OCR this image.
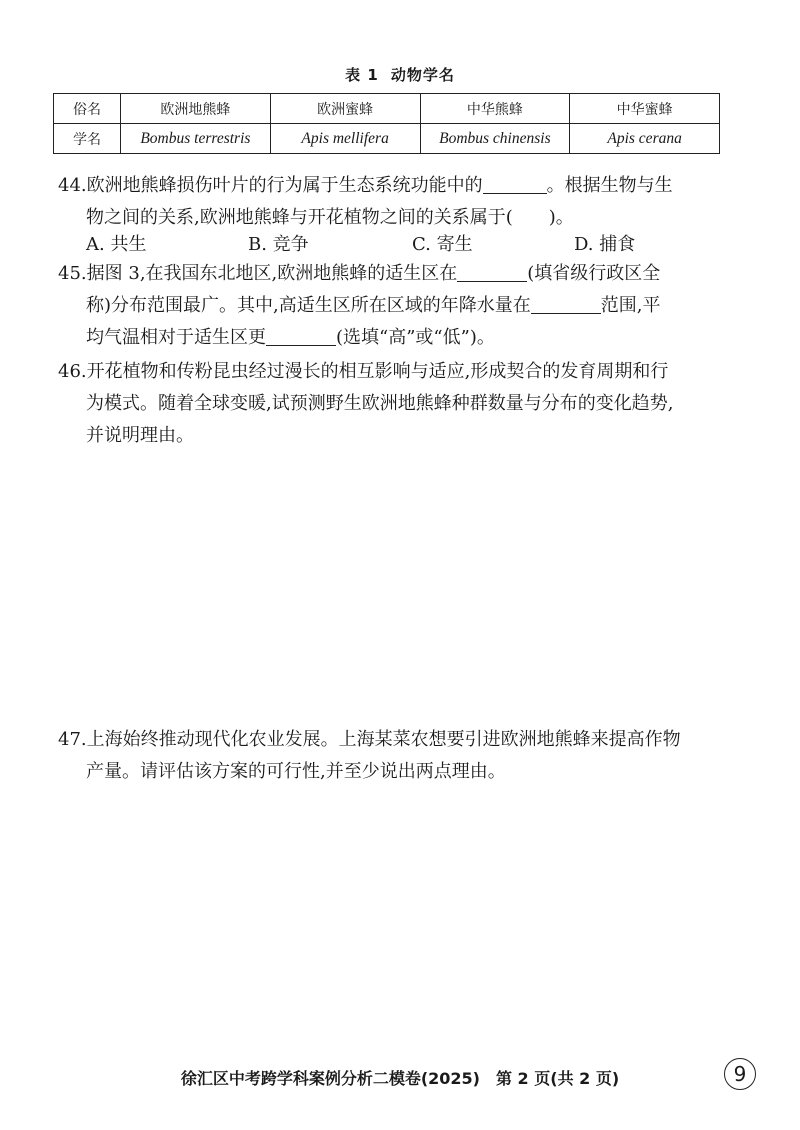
表 1 动物学名
俗名	欧洲地熊蜂	欧洲蜜蜂	中华熊蜂	中华蜜蜂
学名	Bombus terrestris	Apis mellifera	Bombus chinensis	Apis cerana
44.欧洲地熊蜂损伤叶片的行为属于生态系统功能中的	。根据生物与生
物之间的关系,欧洲地熊蜂与开花植物之间的关系属于(　　)。
A. 共生	B. 竞争	C. 寄生	D. 捕食
45.据图 3,在我国东北地区,欧洲地熊蜂的适生区在	(填省级行政区全
称)分布范围最广。其中,高适生区所在区域的年降水量在	范围,平
均气温相对于适生区更	(选填“高”或“低”)。
46.开花植物和传粉昆虫经过漫长的相互影响与适应,形成契合的发育周期和行
为模式。随着全球变暖,试预测野生欧洲地熊蜂种群数量与分布的变化趋势,
并说明理由。
47.上海始终推动现代化农业发展。上海某菜农想要引进欧洲地熊蜂来提高作物
产量。请评估该方案的可行性,并至少说出两点理由。
徐汇区中考跨学科案例分析二模卷(2025)　第 2 页(共 2 页)	9
